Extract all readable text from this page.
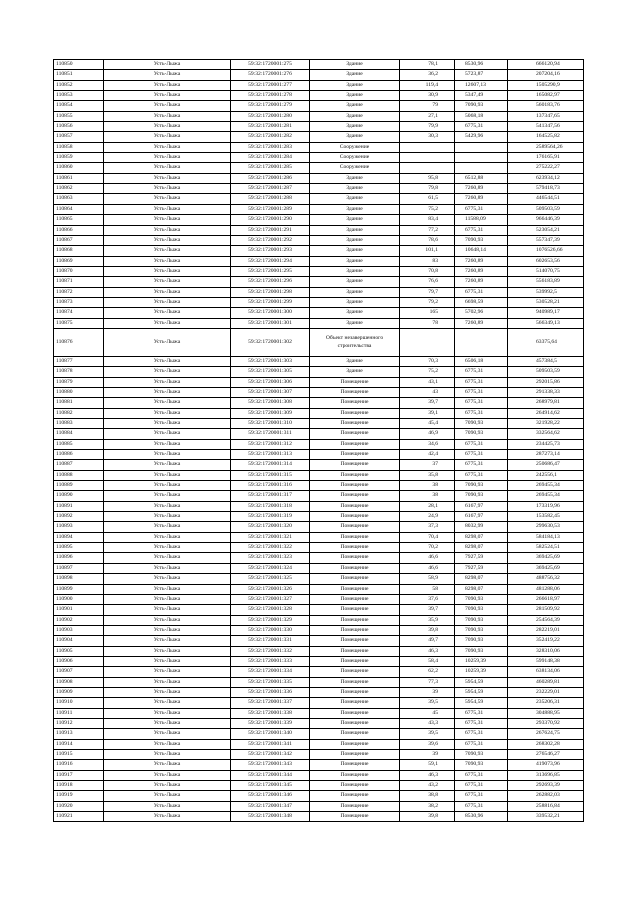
110850	Усть-Лыжа	59:32:1720001:275	Здание	78,1	8530,96	666120,94
110851	Усть-Лыжа	59:32:1720001:276	Здание	36,2	5723,87	207204,16
110852	Усть-Лыжа	59:32:1720001:277	Здание	119,4	12607,13	1505290,9
110853	Усть-Лыжа	59:32:1720001:278	Здание	30,9	5347,49	165082,97
110854	Усть-Лыжа	59:32:1720001:279	Здание	79	7090,93	560183,76
110855	Усть-Лыжа	59:32:1720001:280	Здание	27,1	5068,18	137347,65
110856	Усть-Лыжа	59:32:1720001:281	Здание	79,9	6775,31	541347,56
110857	Усть-Лыжа	59:32:1720001:282	Здание	30,3	5429,96	164525,82
110858	Усть-Лыжа	59:32:1720001:283	Сооружение			2589564,26
110859	Усть-Лыжа	59:32:1720001:284	Сооружение			176165,91
110860	Усть-Лыжа	59:32:1720001:285	Сооружение			275222,27
110861	Усть-Лыжа	59:32:1720001:286	Здание	95,8	6512,88	623934,12
110862	Усть-Лыжа	59:32:1720001:287	Здание	79,8	7260,89	579418,73
110863	Усть-Лыжа	59:32:1720001:288	Здание	61,5	7260,89	446544,51
110864	Усть-Лыжа	59:32:1720001:289	Здание	75,2	6775,31	509503,59
110865	Усть-Лыжа	59:32:1720001:290	Здание	83,4	11588,09	966446,39
110866	Усть-Лыжа	59:32:1720001:291	Здание	77,2	6775,31	523054,21
110867	Усть-Лыжа	59:32:1720001:292	Здание	78,6	7090,93	557347,39
110868	Усть-Лыжа	59:32:1720001:293	Здание	101,1	10648,14	1076526,66
110869	Усть-Лыжа	59:32:1720001:294	Здание	83	7260,89	602653,56
110870	Усть-Лыжа	59:32:1720001:295	Здание	70,8	7260,89	514070,75
110871	Усть-Лыжа	59:32:1720001:296	Здание	76,6	7260,89	556183,89
110872	Усть-Лыжа	59:32:1720001:298	Здание	79,7	6775,31	539992,5
110873	Усть-Лыжа	59:32:1720001:299	Здание	79,2	6698,59	530528,21
110874	Усть-Лыжа	59:32:1720001:300	Здание	165	5702,96	940989,17
110875	Усть-Лыжа	59:32:1720001:301	Здание	78	7260,89	566349,13
110876	Усть-Лыжа	59:32:1720001:302	Объект незавершенного строительства			63375,64
110877	Усть-Лыжа	59:32:1720001:303	Здание	70,3	6506,18	457384,5
110878	Усть-Лыжа	59:32:1720001:305	Здание	75,2	6775,31	509503,59
110879	Усть-Лыжа	59:32:1720001:306	Помещение	43,1	6775,31	292015,86
110880	Усть-Лыжа	59:32:1720001:307	Помещение	43	6775,31	291338,33
110881	Усть-Лыжа	59:32:1720001:308	Помещение	39,7	6775,31	268979,81
110882	Усть-Лыжа	59:32:1720001:309	Помещение	39,1	6775,31	264914,62
110883	Усть-Лыжа	59:32:1720001:310	Помещение	45,4	7090,93	321928,22
110884	Усть-Лыжа	59:32:1720001:311	Помещение	46,9	7090,93	332564,62
110885	Усть-Лыжа	59:32:1720001:312	Помещение	34,6	6775,31	234425,73
110886	Усть-Лыжа	59:32:1720001:313	Помещение	42,4	6775,31	287273,14
110887	Усть-Лыжа	59:32:1720001:314	Помещение	37	6775,31	250686,47
110888	Усть-Лыжа	59:32:1720001:315	Помещение	35,8	6775,31	242556,1
110889	Усть-Лыжа	59:32:1720001:316	Помещение	38	7090,93	269455,34
110890	Усть-Лыжа	59:32:1720001:317	Помещение	38	7090,93	269455,34
110891	Усть-Лыжа	59:32:1720001:318	Помещение	28,1	6167,97	173319,96
110892	Усть-Лыжа	59:32:1720001:319	Помещение	24,9	6167,97	153582,45
110893	Усть-Лыжа	59:32:1720001:320	Помещение	37,3	8032,99	299630,53
110894	Усть-Лыжа	59:32:1720001:321	Помещение	70,4	8298,07	584184,13
110895	Усть-Лыжа	59:32:1720001:322	Помещение	70,2	8298,07	582524,51
110896	Усть-Лыжа	59:32:1720001:323	Помещение	46,6	7927,59	369425,69
110897	Усть-Лыжа	59:32:1720001:324	Помещение	46,6	7927,59	369425,69
110898	Усть-Лыжа	59:32:1720001:325	Помещение	58,9	8298,07	488756,32
110899	Усть-Лыжа	59:32:1720001:326	Помещение	58	8298,07	481288,06
110900	Усть-Лыжа	59:32:1720001:327	Помещение	37,6	7090,93	266618,97
110901	Усть-Лыжа	59:32:1720001:328	Помещение	39,7	7090,93	281509,92
110902	Усть-Лыжа	59:32:1720001:329	Помещение	35,9	7090,93	254564,39
110903	Усть-Лыжа	59:32:1720001:330	Помещение	39,8	7090,93	282219,01
110904	Усть-Лыжа	59:32:1720001:331	Помещение	49,7	7090,93	352419,22
110905	Усть-Лыжа	59:32:1720001:332	Помещение	46,3	7090,93	328310,06
110906	Усть-Лыжа	59:32:1720001:333	Помещение	58,4	10259,39	599148,38
110907	Усть-Лыжа	59:32:1720001:334	Помещение	62,2	10259,39	638134,06
110908	Усть-Лыжа	59:32:1720001:335	Помещение	77,3	5954,59	460289,81
110909	Усть-Лыжа	59:32:1720001:336	Помещение	39	5954,59	232229,01
110910	Усть-Лыжа	59:32:1720001:337	Помещение	39,5	5954,59	235206,31
110911	Усть-Лыжа	59:32:1720001:338	Помещение	45	6775,31	304888,95
110912	Усть-Лыжа	59:32:1720001:339	Помещение	43,3	6775,31	293370,92
110913	Усть-Лыжа	59:32:1720001:340	Помещение	39,5	6775,31	267624,75
110914	Усть-Лыжа	59:32:1720001:341	Помещение	39,6	6775,31	268302,28
110915	Усть-Лыжа	59:32:1720001:342	Помещение	39	7090,93	276546,27
110916	Усть-Лыжа	59:32:1720001:343	Помещение	59,1	7090,93	419073,96
110917	Усть-Лыжа	59:32:1720001:344	Помещение	46,3	6775,31	313696,85
110918	Усть-Лыжа	59:32:1720001:345	Помещение	43,2	6775,31	292693,39
110919	Усть-Лыжа	59:32:1720001:346	Помещение	38,8	6775,31	262882,03
110920	Усть-Лыжа	59:32:1720001:347	Помещение	38,2	6775,31	258816,84
110921	Усть-Лыжа	59:32:1720001:348	Помещение	39,8	8530,96	339532,21
